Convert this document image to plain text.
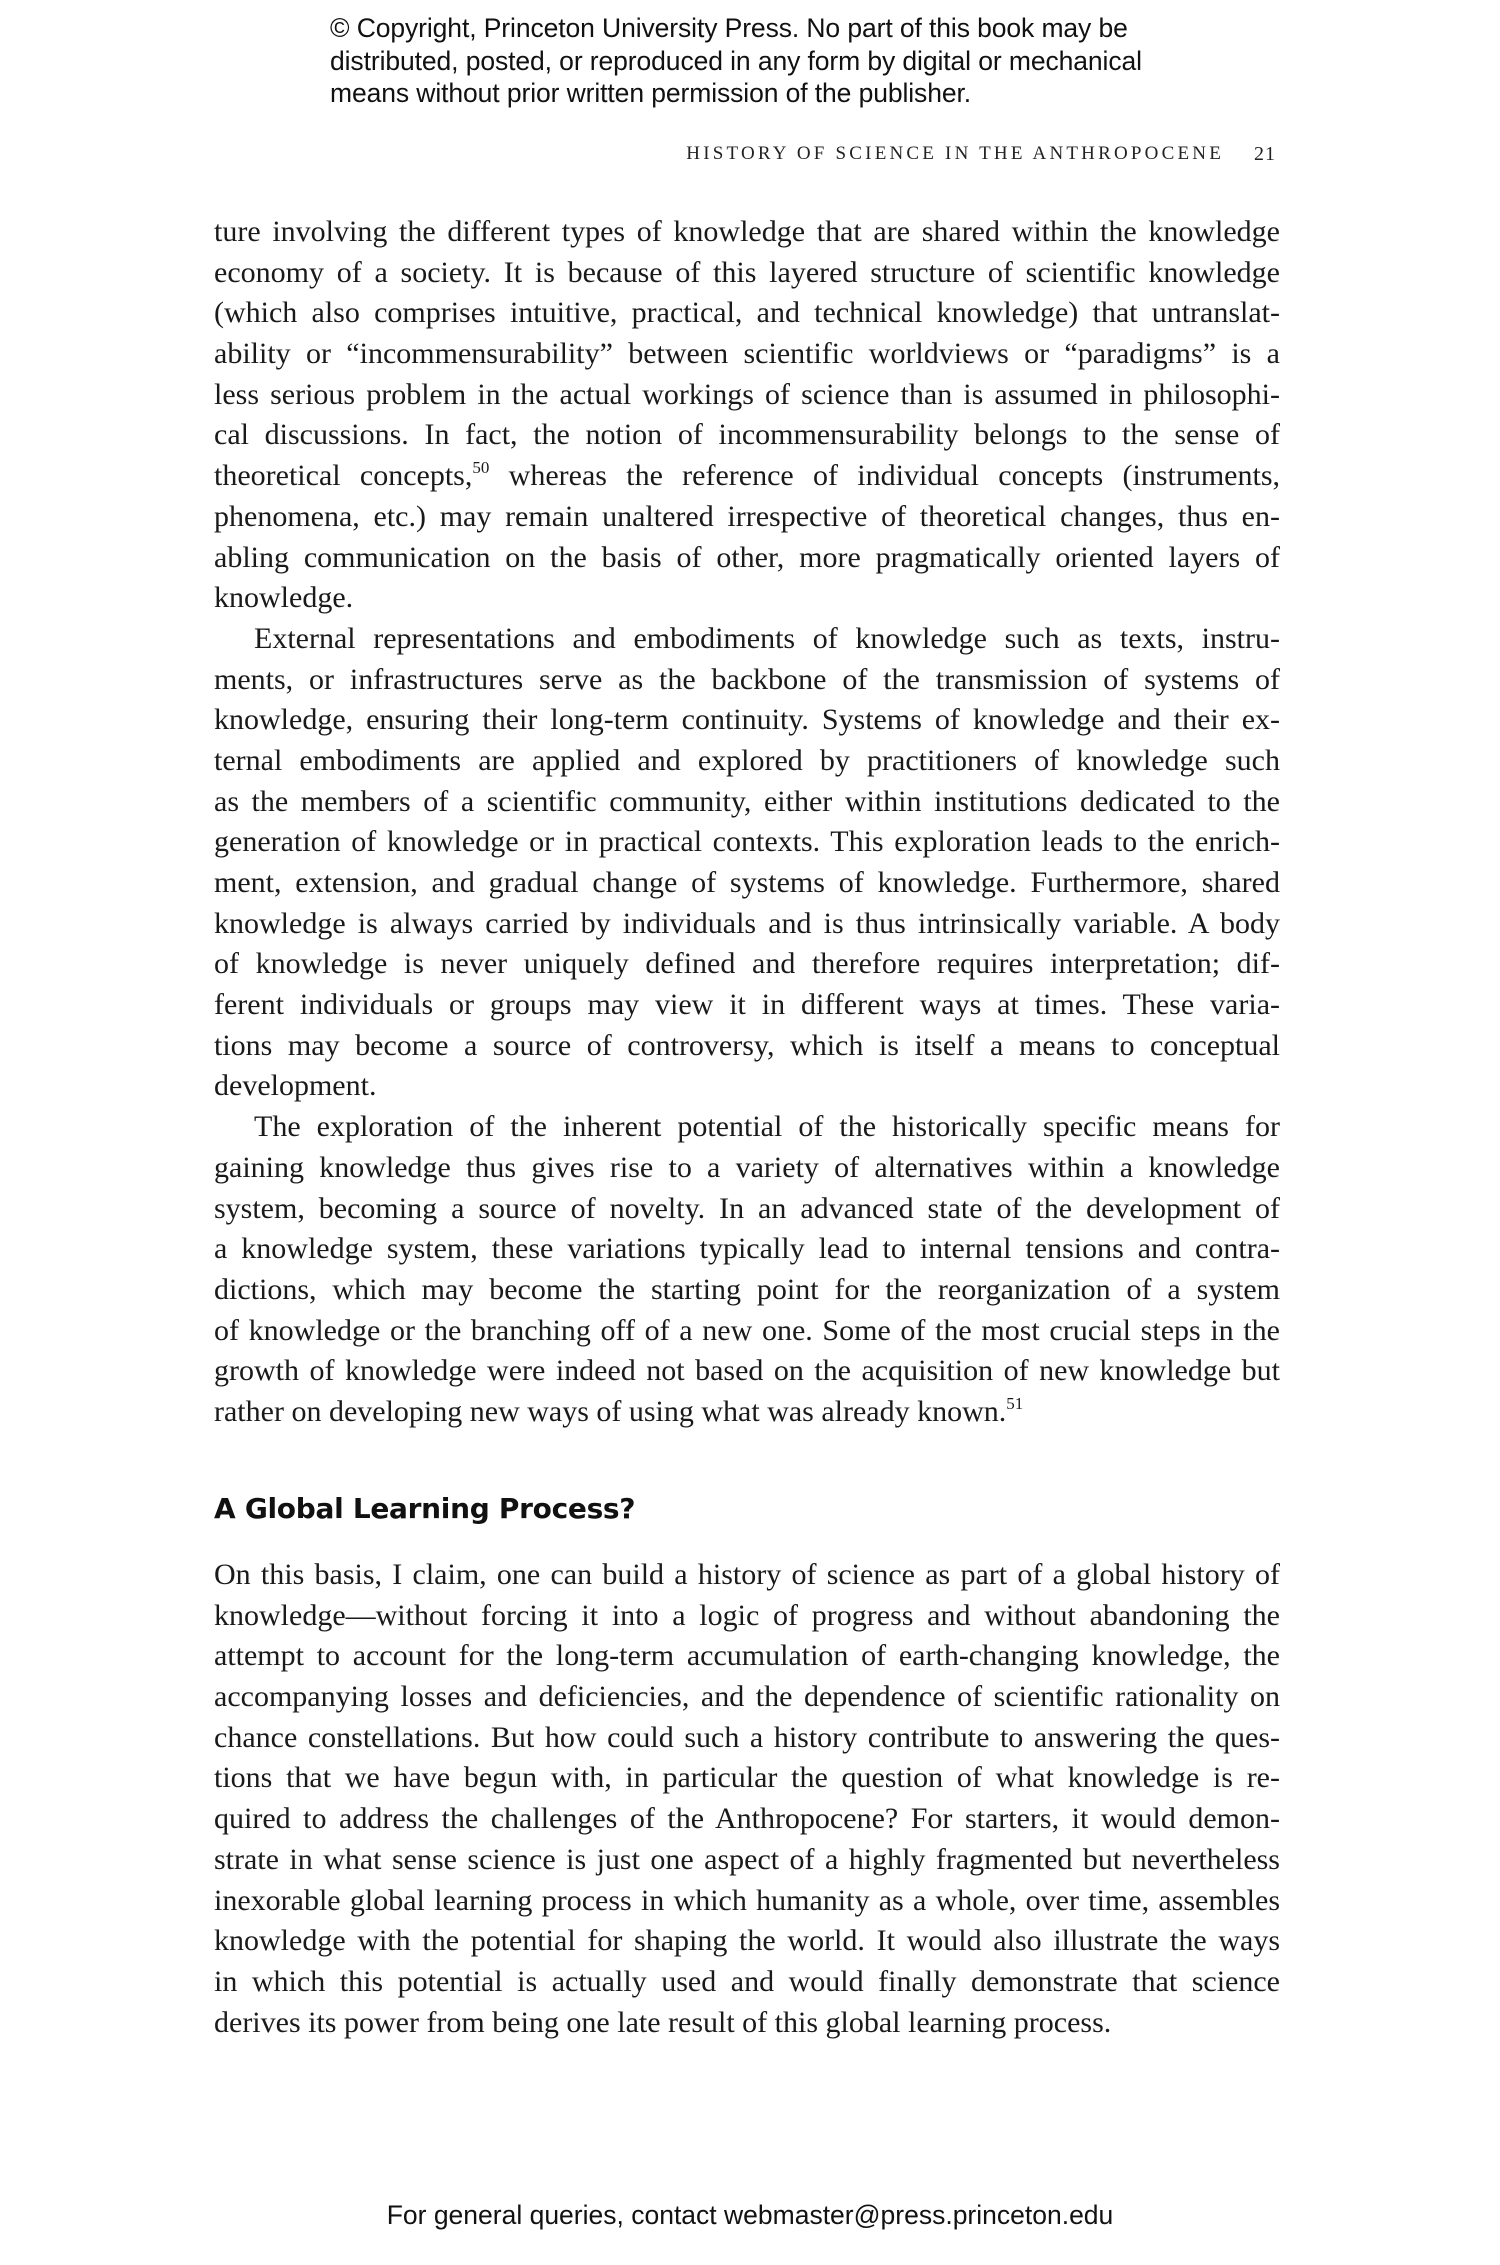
© Copyright, Princeton University Press. No part of this book may be
distributed, posted, or reproduced in any form by digital or mechanical
means without prior written permission of the publisher.
HISTORY OF SCIENCE IN THE ANTHROPOCENE 21
ture involving the different types of knowledge that are shared within the knowledge
economy of a society. It is because of this layered structure of scientific knowledge
(which also comprises intuitive, practical, and technical knowledge) that untranslat-
ability or “incommensurability” between scientific worldviews or “paradigms” is a
less serious problem in the actual workings of science than is assumed in philosophi-
cal discussions. In fact, the notion of incommensurability belongs to the sense of
theoretical concepts,$^{50}$ whereas the reference of individual concepts (instruments,
phenomena, etc.) may remain unaltered irrespective of theoretical changes, thus en-
abling communication on the basis of other, more pragmatically oriented layers of
knowledge.
External representations and embodiments of knowledge such as texts, instru-
ments, or infrastructures serve as the backbone of the transmission of systems of
knowledge, ensuring their long-term continuity. Systems of knowledge and their ex-
ternal embodiments are applied and explored by practitioners of knowledge such
as the members of a scientific community, either within institutions dedicated to the
generation of knowledge or in practical contexts. This exploration leads to the enrich-
ment, extension, and gradual change of systems of knowledge. Furthermore, shared
knowledge is always carried by individuals and is thus intrinsically variable. A body
of knowledge is never uniquely defined and therefore requires interpretation; dif-
ferent individuals or groups may view it in different ways at times. These varia-
tions may become a source of controversy, which is itself a means to conceptual
development.
The exploration of the inherent potential of the historically specific means for
gaining knowledge thus gives rise to a variety of alternatives within a knowledge
system, becoming a source of novelty. In an advanced state of the development of
a knowledge system, these variations typically lead to internal tensions and contra-
dictions, which may become the starting point for the reorganization of a system
of knowledge or the branching off of a new one. Some of the most crucial steps in the
growth of knowledge were indeed not based on the acquisition of new knowledge but
rather on developing new ways of using what was already known.$^{51}$
A Global Learning Process?
On this basis, I claim, one can build a history of science as part of a global history of
knowledge—without forcing it into a logic of progress and without abandoning the
attempt to account for the long-term accumulation of earth-changing knowledge, the
accompanying losses and deficiencies, and the dependence of scientific rationality on
chance constellations. But how could such a history contribute to answering the ques-
tions that we have begun with, in particular the question of what knowledge is re-
quired to address the challenges of the Anthropocene? For starters, it would demon-
strate in what sense science is just one aspect of a highly fragmented but nevertheless
inexorable global learning process in which humanity as a whole, over time, assembles
knowledge with the potential for shaping the world. It would also illustrate the ways
in which this potential is actually used and would finally demonstrate that science
derives its power from being one late result of this global learning process.
For general queries, contact webmaster@press.princeton.edu
